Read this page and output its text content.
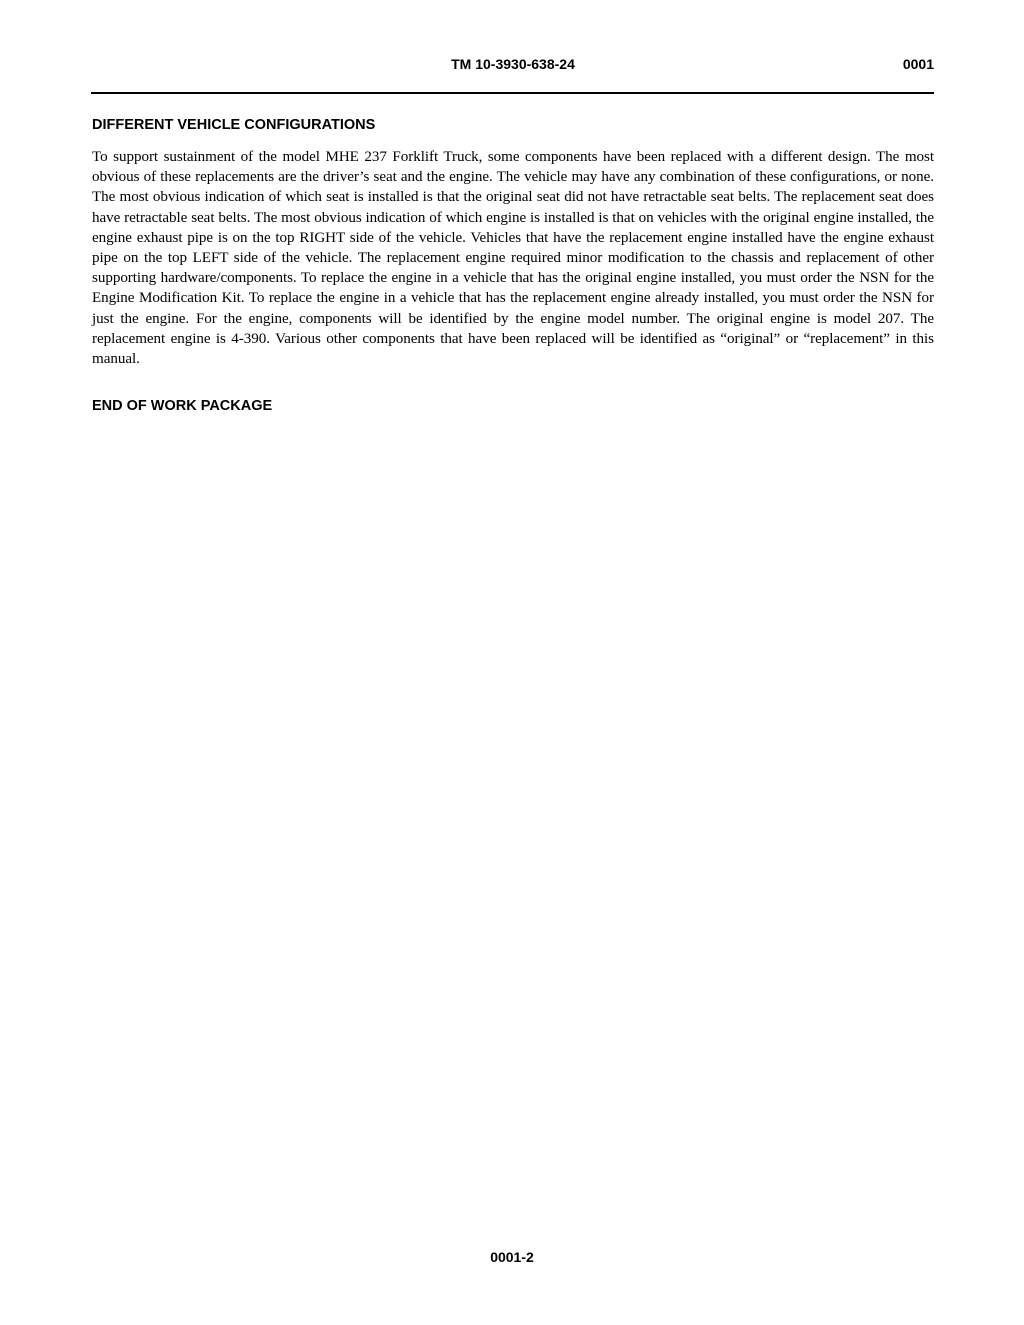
TM 10-3930-638-24	0001
DIFFERENT VEHICLE CONFIGURATIONS

To support sustainment of the model MHE 237 Forklift Truck, some components have been replaced with a different design. The most obvious of these replacements are the driver’s seat and the engine. The vehicle may have any combination of these configurations, or none. The most obvious indication of which seat is installed is that the original seat did not have retractable seat belts. The replacement seat does have retractable seat belts. The most obvious indication of which engine is installed is that on vehicles with the original engine installed, the engine exhaust pipe is on the top RIGHT side of the vehicle. Vehicles that have the replacement engine installed have the engine exhaust pipe on the top LEFT side of the vehicle. The replacement engine required minor modification to the chassis and replacement of other supporting hardware/components. To replace the engine in a vehicle that has the original engine installed, you must order the NSN for the Engine Modification Kit. To replace the engine in a vehicle that has the replacement engine already installed, you must order the NSN for just the engine. For the engine, components will be identified by the engine model number. The original engine is model 207. The replacement engine is 4-390. Various other components that have been replaced will be identified as “original” or “replacement” in this manual.

END OF WORK PACKAGE
0001-2
